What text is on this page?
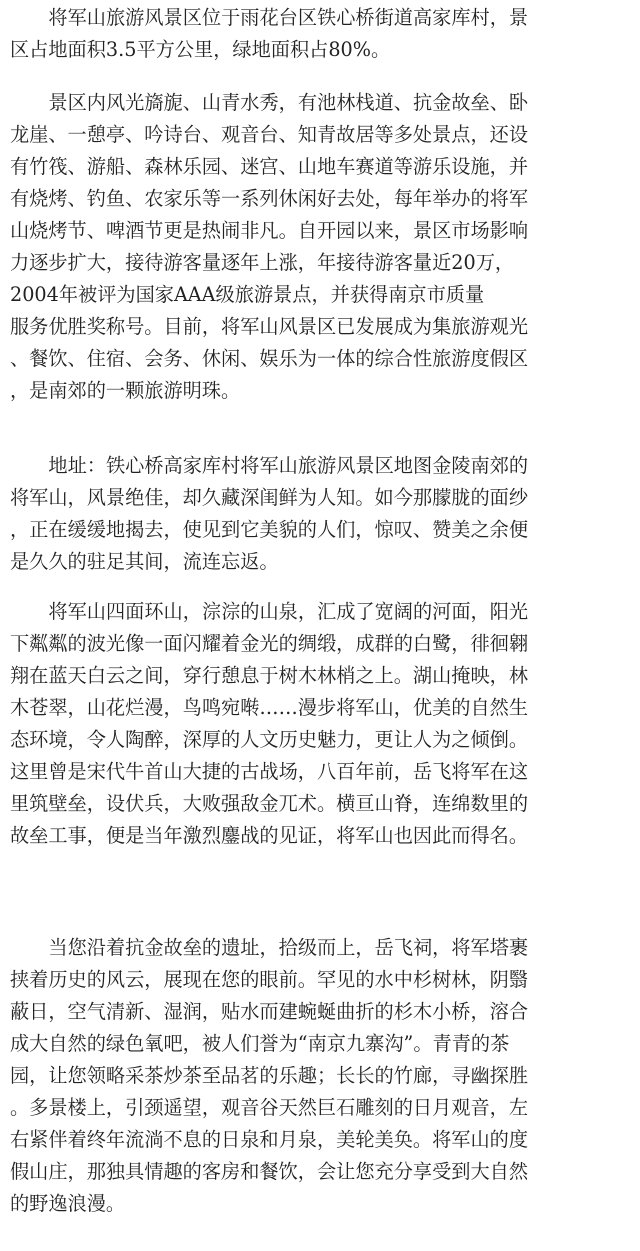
将军山旅游风景区位于雨花台区铁心桥街道高家库村，景
区占地面积3.5平方公里，绿地面积占80%。

景区内风光旖旎、山青水秀，有池林栈道、抗金故垒、卧
龙崖、一憩亭、吟诗台、观音台、知青故居等多处景点，还设
有竹筏、游船、森林乐园、迷宫、山地车赛道等游乐设施，并
有烧烤、钓鱼、农家乐等一系列休闲好去处，每年举办的将军
山烧烤节、啤酒节更是热闹非凡。自开园以来，景区市场影响
力逐步扩大，接待游客量逐年上涨，年接待游客量近20万，
2004年被评为国家AAA级旅游景点，并获得南京市质量
服务优胜奖称号。目前，将军山风景区已发展成为集旅游观光
、餐饮、住宿、会务、休闲、娱乐为一体的综合性旅游度假区
，是南郊的一颗旅游明珠。

地址：铁心桥高家库村将军山旅游风景区地图金陵南郊的
将军山，风景绝佳，却久藏深闺鲜为人知。如今那朦胧的面纱
，正在缓缓地揭去，使见到它美貌的人们，惊叹、赞美之余便
是久久的驻足其间，流连忘返。

将军山四面环山，淙淙的山泉，汇成了宽阔的河面，阳光
下粼粼的波光像一面闪耀着金光的绸缎，成群的白鹭，徘徊翱
翔在蓝天白云之间，穿行憩息于树木林梢之上。湖山掩映，林
木苍翠，山花烂漫，鸟鸣宛啭……漫步将军山，优美的自然生
态环境，令人陶醉，深厚的人文历史魅力，更让人为之倾倒。
这里曾是宋代牛首山大捷的古战场，八百年前，岳飞将军在这
里筑壁垒，设伏兵，大败强敌金兀术。横亘山脊，连绵数里的
故垒工事，便是当年激烈鏖战的见证，将军山也因此而得名。

当您沿着抗金故垒的遗址，拾级而上，岳飞祠，将军塔裹
挟着历史的风云，展现在您的眼前。罕见的水中杉树林，阴翳
蔽日，空气清新、湿润，贴水而建蜿蜒曲折的杉木小桥，溶合
成大自然的绿色氧吧，被人们誉为“南京九寨沟”。青青的茶
园，让您领略采茶炒茶至品茗的乐趣；长长的竹廊，寻幽探胜
。多景楼上，引颈遥望，观音谷天然巨石雕刻的日月观音，左
右紧伴着终年流淌不息的日泉和月泉，美轮美奂。将军山的度
假山庄，那独具情趣的客房和餐饮，会让您充分享受到大自然
的野逸浪漫。
